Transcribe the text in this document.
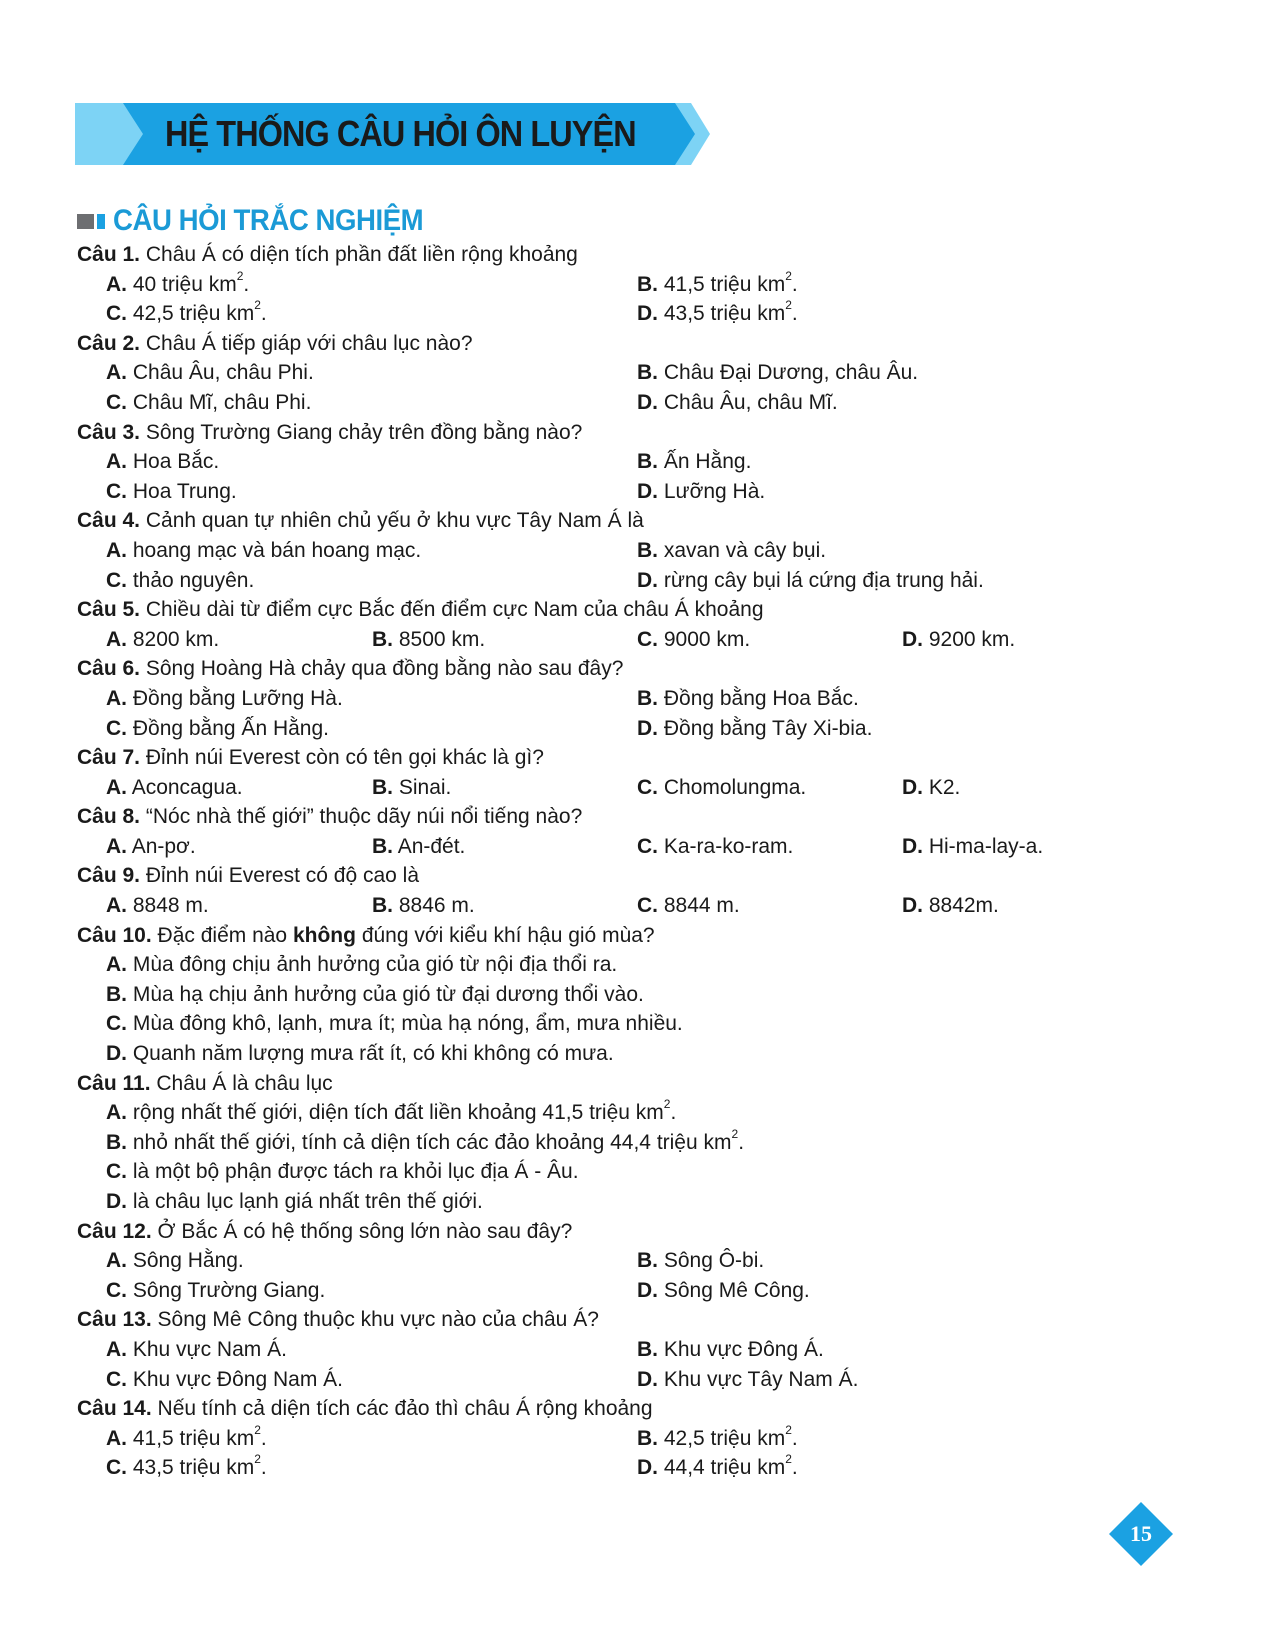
HỆ THỐNG CÂU HỎI ÔN LUYỆN
CÂU HỎI TRẮC NGHIỆM
Câu 1. Châu Á có diện tích phần đất liền rộng khoảng
A. 40 triệu $km^2$.	B. 41,5 triệu $km^2$.
C. 42,5 triệu $km^2$.	D. 43,5 triệu $km^2$.
Câu 2. Châu Á tiếp giáp với châu lục nào?
A. Châu Âu, châu Phi.	B. Châu Đại Dương, châu Âu.
C. Châu Mĩ, châu Phi.	D. Châu Âu, châu Mĩ.
Câu 3. Sông Trường Giang chảy trên đồng bằng nào?
A. Hoa Bắc.	B. Ấn Hằng.
C. Hoa Trung.	D. Lưỡng Hà.
Câu 4. Cảnh quan tự nhiên chủ yếu ở khu vực Tây Nam Á là
A. hoang mạc và bán hoang mạc.	B. xavan và cây bụi.
C. thảo nguyên.	D. rừng cây bụi lá cứng địa trung hải.
Câu 5. Chiều dài từ điểm cực Bắc đến điểm cực Nam của châu Á khoảng
A. 8200 km.	B. 8500 km.	C. 9000 km.	D. 9200 km.
Câu 6. Sông Hoàng Hà chảy qua đồng bằng nào sau đây?
A. Đồng bằng Lưỡng Hà.	B. Đồng bằng Hoa Bắc.
C. Đồng bằng Ấn Hằng.	D. Đồng bằng Tây Xi-bia.
Câu 7. Đỉnh núi Everest còn có tên gọi khác là gì?
A. Aconcagua.	B. Sinai.	C. Chomolungma.	D. K2.
Câu 8. “Nóc nhà thế giới” thuộc dãy núi nổi tiếng nào?
A. An-pơ.	B. An-đét.	C. Ka-ra-ko-ram.	D. Hi-ma-lay-a.
Câu 9. Đỉnh núi Everest có độ cao là
A. 8848 m.	B. 8846 m.	C. 8844 m.	D. 8842m.
Câu 10. Đặc điểm nào không đúng với kiểu khí hậu gió mùa?
A. Mùa đông chịu ảnh hưởng của gió từ nội địa thổi ra.
B. Mùa hạ chịu ảnh hưởng của gió từ đại dương thổi vào.
C. Mùa đông khô, lạnh, mưa ít; mùa hạ nóng, ẩm, mưa nhiều.
D. Quanh năm lượng mưa rất ít, có khi không có mưa.
Câu 11. Châu Á là châu lục
A. rộng nhất thế giới, diện tích đất liền khoảng 41,5 triệu $km^2$.
B. nhỏ nhất thế giới, tính cả diện tích các đảo khoảng 44,4 triệu $km^2$.
C. là một bộ phận được tách ra khỏi lục địa Á - Âu.
D. là châu lục lạnh giá nhất trên thế giới.
Câu 12. Ở Bắc Á có hệ thống sông lớn nào sau đây?
A. Sông Hằng.	B. Sông Ô-bi.
C. Sông Trường Giang.	D. Sông Mê Công.
Câu 13. Sông Mê Công thuộc khu vực nào của châu Á?
A. Khu vực Nam Á.	B. Khu vực Đông Á.
C. Khu vực Đông Nam Á.	D. Khu vực Tây Nam Á.
Câu 14. Nếu tính cả diện tích các đảo thì châu Á rộng khoảng
A. 41,5 triệu $km^2$.	B. 42,5 triệu $km^2$.
C. 43,5 triệu $km^2$.	D. 44,4 triệu $km^2$.
15
